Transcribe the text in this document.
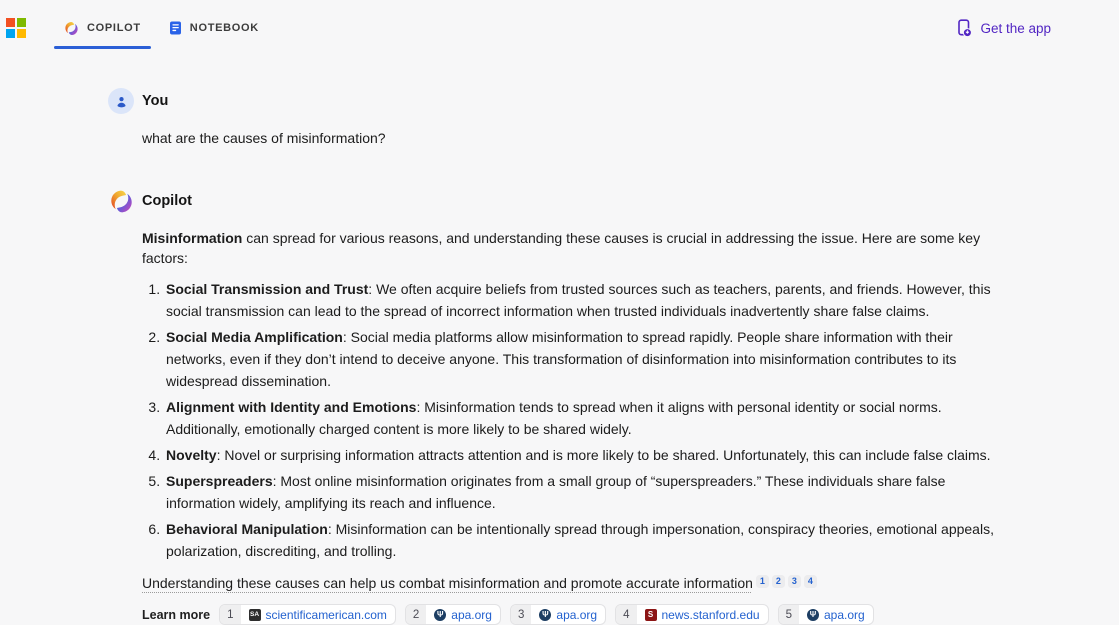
COPILOT	NOTEBOOK	Get the app
You
what are the causes of misinformation?
Copilot
Misinformation can spread for various reasons, and understanding these causes is crucial in addressing the issue. Here are some key factors:
1. Social Transmission and Trust: We often acquire beliefs from trusted sources such as teachers, parents, and friends. However, this social transmission can lead to the spread of incorrect information when trusted individuals inadvertently share false claims.
2. Social Media Amplification: Social media platforms allow misinformation to spread rapidly. People share information with their networks, even if they don’t intend to deceive anyone. This transformation of disinformation into misinformation contributes to its widespread dissemination.
3. Alignment with Identity and Emotions: Misinformation tends to spread when it aligns with personal identity or social norms. Additionally, emotionally charged content is more likely to be shared widely.
4. Novelty: Novel or surprising information attracts attention and is more likely to be shared. Unfortunately, this can include false claims.
5. Superspreaders: Most online misinformation originates from a small group of “superspreaders.” These individuals share false information widely, amplifying its reach and influence.
6. Behavioral Manipulation: Misinformation can be intentionally spread through impersonation, conspiracy theories, emotional appeals, polarization, discrediting, and trolling.
Understanding these causes can help us combat misinformation and promote accurate information 1 2 3 4
Learn more	1	SA scientificamerican.com	2	Ψ apa.org	3	Ψ apa.org	4	S news.stanford.edu	5	Ψ apa.org
